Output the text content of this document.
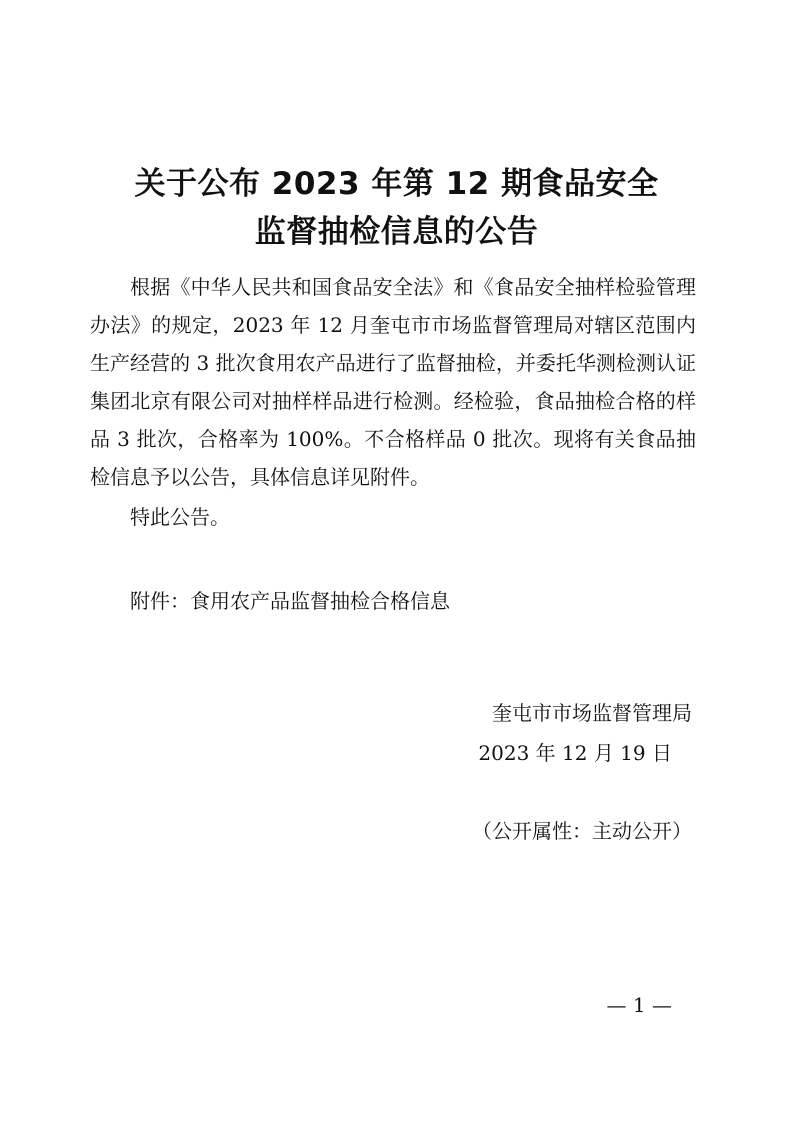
关于公布 2023 年第 12 期食品安全
监督抽检信息的公告

根据《中华人民共和国食品安全法》和《食品安全抽样检验管理办法》的规定，2023 年 12 月奎屯市市场监督管理局对辖区范围内生产经营的 3 批次食用农产品进行了监督抽检，并委托华测检测认证集团北京有限公司对抽样样品进行检测。经检验，食品抽检合格的样品 3 批次，合格率为 100%。不合格样品 0 批次。现将有关食品抽检信息予以公告，具体信息详见附件。

特此公告。

附件：食用农产品监督抽检合格信息

奎屯市市场监督管理局

2023 年 12 月 19 日

（公开属性：主动公开）

— 1 —
